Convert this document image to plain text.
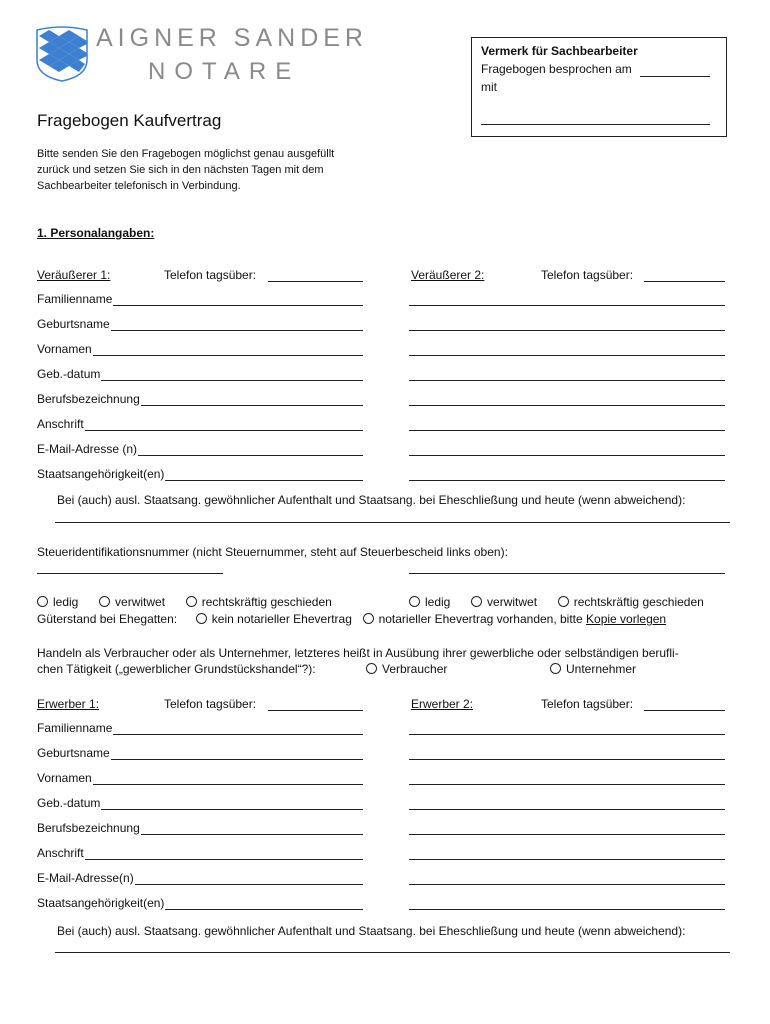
AIGNER SANDER
NOTARE
Vermerk für Sachbearbeiter
Fragebogen besprochen am
mit
Fragebogen Kaufvertrag
Bitte senden Sie den Fragebogen möglichst genau ausgefüllt
zurück und setzen Sie sich in den nächsten Tagen mit dem
Sachbearbeiter telefonisch in Verbindung.
1. Personalangaben:
Veräußerer 1:	Telefon tagsüber:	Veräußerer 2:	Telefon tagsüber:
Familienname
Geburtsname
Vornamen
Geb.-datum
Berufsbezeichnung
Anschrift
E-Mail-Adresse (n)
Staatsangehörigkeit(en)
Bei (auch) ausl. Staatsang. gewöhnlicher Aufenthalt und Staatsang. bei Eheschließung und heute (wenn abweichend):
Steueridentifikationsnummer (nicht Steuernummer, steht auf Steuerbescheid links oben):
ledig	verwitwet	rechtskräftig geschieden	ledig	verwitwet	rechtskräftig geschieden
Güterstand bei Ehegatten:	kein notarieller Ehevertrag notarieller Ehevertrag vorhanden, bitte Kopie vorlegen
Handeln als Verbraucher oder als Unternehmer, letzteres heißt in Ausübung ihrer gewerbliche oder selbständigen berufli-
chen Tätigkeit („gewerblicher Grundstückshandel“?):	Verbraucher	Unternehmer
Erwerber 1:	Telefon tagsüber:	Erwerber 2:	Telefon tagsüber:
Familienname
Geburtsname
Vornamen
Geb.-datum
Berufsbezeichnung
Anschrift
E-Mail-Adresse(n)
Staatsangehörigkeit(en)
Bei (auch) ausl. Staatsang. gewöhnlicher Aufenthalt und Staatsang. bei Eheschließung und heute (wenn abweichend):
